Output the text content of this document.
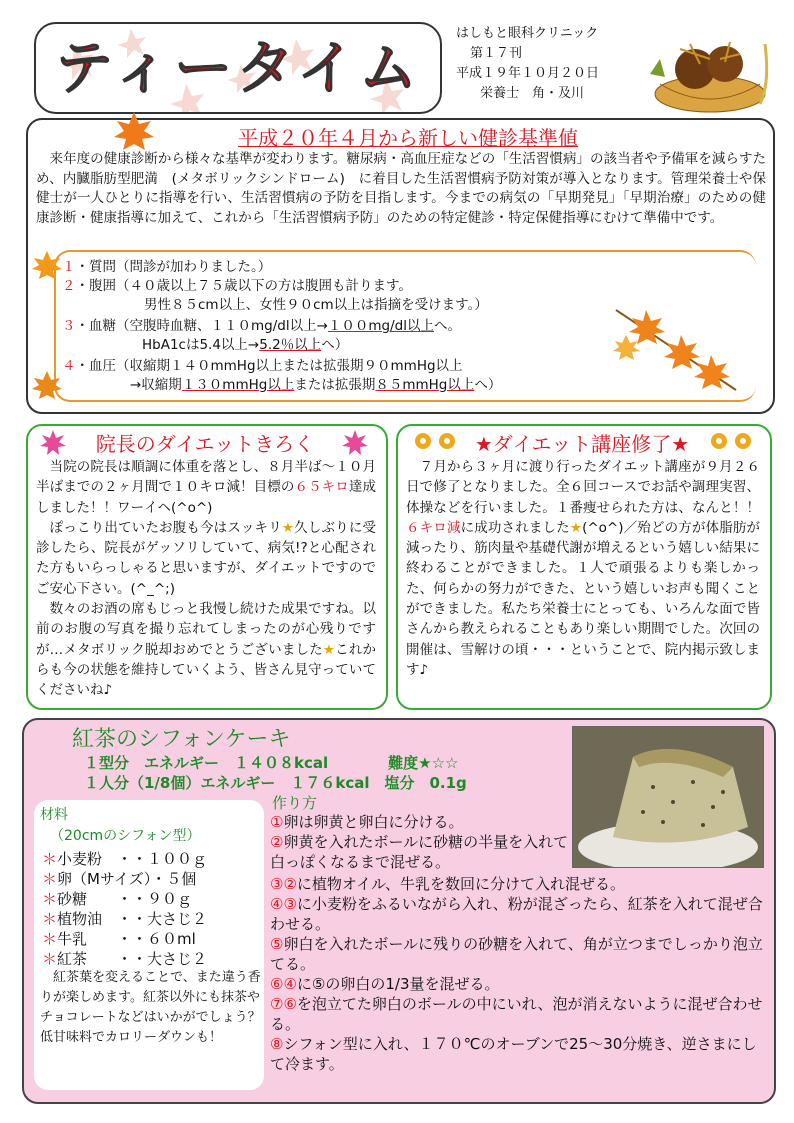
ティータイム
はしもと眼科クリニック
第１７刊
平成１９年１０月２０日
栄養士　角・及川
平成２０年４月から新しい健診基準値
　来年度の健康診断から様々な基準が変わります。糖尿病・高血圧症などの「生活習慣病」の該当者や予備軍を減らすため、内臓脂肪型肥満　(メタボリックシンドローム)　に着目した生活習慣病予防対策が導入となります。管理栄養士や保健士が一人ひとりに指導を行い、生活習慣病の予防を目指します。今までの病気の「早期発見」「早期治療」のための健康診断・健康指導に加えて、これから「生活習慣病予防」のための特定健診・特定保健指導にむけて準備中です。
１・質問（問診が加わりました。）
２・腹囲（４０歳以上７５歳以下の方は腹囲も計ります。
男性８５cm以上、女性９０cm以上は指摘を受けます。）
３・血糖（空腹時血糖、１１０mg/dl以上→１００mg/dl以上へ。
HbA1cは5.4以上→5.2％以上へ）
４・血圧（収縮期１４０mmHg以上または拡張期９０mmHg以上
→収縮期１３０mmHg以上または拡張期８５mmHg以上へ）
院長のダイエットきろく
　当院の院長は順調に体重を落とし、８月半ば～１０月半ばまでの２ヶ月間で１０キロ減！目標の６５キロ達成しました！！ワーイヘ(^o^)
　ぽっこり出ていたお腹も今はスッキリ★久しぶりに受診したら、院長がゲッソリしていて、病気!?と心配された方もいらっしゃると思いますが、ダイエットですのでご安心下さい。(^_^;)
　数々のお酒の席もじっと我慢し続けた成果ですね。以前のお腹の写真を撮り忘れてしまったのが心残りですが…メタボリック脱却おめでとうございました★これからも今の状態を維持していくよう、皆さん見守っていてくださいね♪
★ダイエット講座修了★
　７月から３ヶ月に渡り行ったダイエット講座が９月２６日で修了となりました。全６回コースでお話や調理実習、体操などを行いました。１番痩せられた方は、なんと！！６キロ減に成功されました★(^o^)／殆どの方が体脂肪が減ったり、筋肉量や基礎代謝が増えるという嬉しい結果に終わることができました。１人で頑張るよりも楽しかった、何らかの努力ができた、という嬉しいお声も聞くことができました。私たち栄養士にとっても、いろんな面で皆さんから教えられることもあり楽しい期間でした。次回の開催は、雪解けの頃・・・ということで、院内掲示致します♪
紅茶のシフォンケーキ
１型分　エネルギー　１４０８kcal	難度★☆☆
１人分（1/8個）エネルギー　１７６kcal　塩分　0.1g
材料
（20cmのシフォン型）
＊小麦粉　・・１００ｇ
＊卵（Mサイズ）・５個
＊砂糖　　・・９０ｇ
＊植物油　・・大さじ２
＊牛乳　　・・６０ml
＊紅茶　　・・大さじ２
　紅茶葉を変えることで、また違う香りが楽しめます。紅茶以外にも抹茶やチョコレートなどはいかがでしょう？低甘味料でカロリーダウンも！
作り方
①卵は卵黄と卵白に分ける。
②卵黄を入れたボールに砂糖の半量を入れて白っぽくなるまで混ぜる。
③②に植物オイル、牛乳を数回に分けて入れ混ぜる。
④③に小麦粉をふるいながら入れ、粉が混ざったら、紅茶を入れて混ぜ合わせる。
⑤卵白を入れたボールに残りの砂糖を入れて、角が立つまでしっかり泡立てる。
⑥④に⑤の卵白の1/3量を混ぜる。
⑦⑥を泡立てた卵白のボールの中にいれ、泡が消えないように混ぜ合わせる。
⑧シフォン型に入れ、１７０℃のオーブンで25～30分焼き、逆さまにして冷ます。
